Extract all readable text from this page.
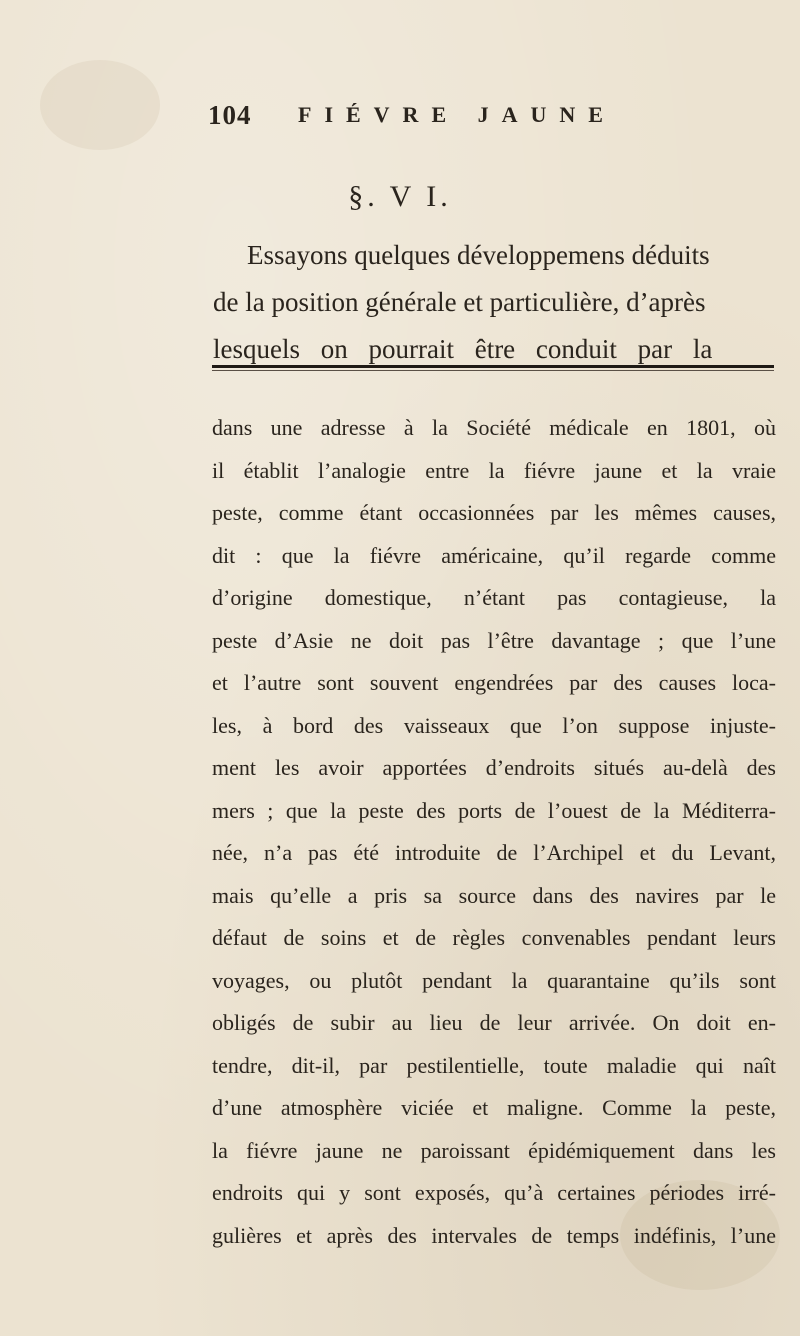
104 FIÉVRE JAUNE
§. V I.

Essayons quelques développemens déduits
de la position générale et particulière, d’après
lesquels on pourrait être conduit par la

dans une adresse à la Société médicale en 1801, où
il établit l’analogie entre la fiévre jaune et la vraie
peste, comme étant occasionnées par les mêmes causes,
dit : que la fiévre américaine, qu’il regarde comme
d’origine domestique, n’étant pas contagieuse, la
peste d’Asie ne doit pas l’être davantage ; que l’une
et l’autre sont souvent engendrées par des causes loca-
les, à bord des vaisseaux que l’on suppose injuste-
ment les avoir apportées d’endroits situés au-delà des
mers ; que la peste des ports de l’ouest de la Méditerra-
née, n’a pas été introduite de l’Archipel et du Levant,
mais qu’elle a pris sa source dans des navires par le
défaut de soins et de règles convenables pendant leurs
voyages, ou plutôt pendant la quarantaine qu’ils sont
obligés de subir au lieu de leur arrivée. On doit en-
tendre, dit-il, par pestilentielle, toute maladie qui naît
d’une atmosphère viciée et maligne. Comme la peste,
la fiévre jaune ne paroissant épidémiquement dans les
endroits qui y sont exposés, qu’à certaines périodes irré-
gulières et après des intervales de temps indéfinis, l’une
